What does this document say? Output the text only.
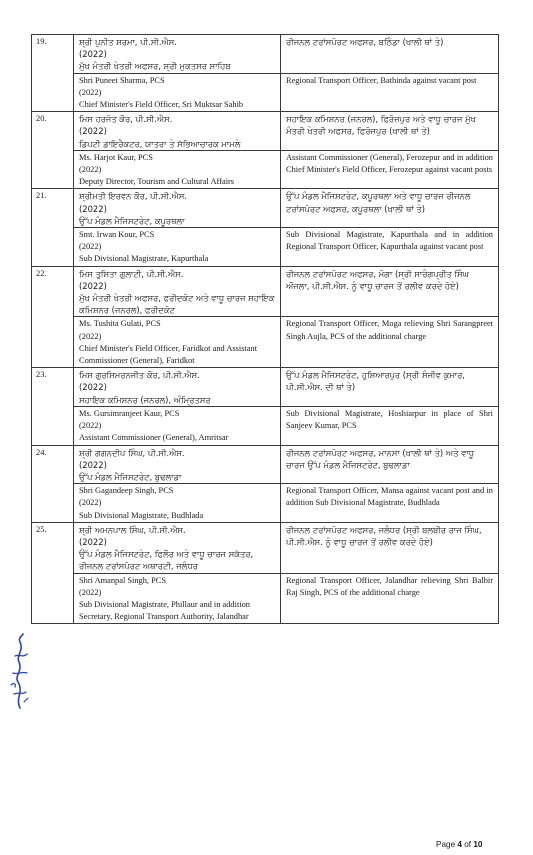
19.	ਸ਼੍ਰੀ ਪੁਨੀਤ ਸ਼ਰਮਾ, ਪੀ.ਸੀ.ਐਸ.
(2022)
ਮੁੱਖ ਮੰਤਰੀ ਖੇਤਰੀ ਅਫਸਰ, ਸ਼੍ਰੀ ਮੁਕਤਸਰ ਸਾਹਿਬ	ਰੀਜਨਲ ਟਰਾਂਸਪੋਰਟ ਅਫਸਰ, ਬਠਿੰਡਾ (ਖਾਲੀ ਥਾਂ ਤੇ)

	Shri Puneet Sharma, PCS
(2022)
Chief Minister's Field Officer, Sri Muktsar Sahib	Regional Transport Officer, Bathinda against vacant post
20.	ਮਿਸ ਹਰਜੋਤ ਕੌਰ, ਪੀ.ਸੀ.ਐਸ.
(2022)
ਡਿਪਟੀ ਡਾਇਰੈਕਟਰ, ਯਾਤਰਾ ਤੇ ਸੱਭਿਆਚਾਰਕ ਮਾਮਲੇ	ਸਹਾਇਕ ਕਮਿਸ਼ਨਰ (ਜਨਰਲ), ਫਿਰੋਜ਼ਪੁਰ ਅਤੇ ਵਾਧੂ ਚਾਰਜ ਮੁੱਖ ਮੰਤਰੀ ਖੇਤਰੀ ਅਫਸਰ, ਫਿਰੋਜ਼ਪੁਰ (ਖਾਲੀ ਥਾਂ ਤੇ)

	Ms. Harjot Kaur, PCS
(2022)
Deputy Director, Tourism and Cultural Affairs	Assistant Commissioner (General), Ferozepur and in addition Chief Minister's Field Officer, Ferozepur against vacant posts
21.	ਸ਼੍ਰੀਮਤੀ ਇਰਵਨ ਕੌਰ, ਪੀ.ਸੀ.ਐਸ.
(2022)
ਉੱਪ ਮੰਡਲ ਮੈਜਿਸਟਰੇਟ, ਕਪੂਰਥਲਾ	ਉੱਪ ਮੰਡਲ ਮੈਜਿਸਟਰੇਟ, ਕਪੂਰਥਲਾ ਅਤੇ ਵਾਧੂ ਚਾਰਜ ਰੀਜਨਲ ਟਰਾਂਸਪੋਰਟ ਅਫਸਰ, ਕਪੂਰਥਲਾ (ਖਾਲੀ ਥਾਂ ਤੇ)

	Smt. Irwan Kour, PCS
(2022)
Sub Divisional Magistrate, Kapurthala	Sub Divisional Magistrate, Kapurthala and in addition Regional Transport Officer, Kapurthala against vacant post
22.	ਮਿਸ ਤੁਸ਼ਿਤਾ ਗੁਲਾਟੀ, ਪੀ.ਸੀ.ਐਸ.
(2022)
ਮੁੱਖ ਮੰਤਰੀ ਖੇਤਰੀ ਅਫਸਰ, ਫਰੀਦਕੋਟ ਅਤੇ ਵਾਧੂ ਚਾਰਜ ਸਹਾਇਕ ਕਮਿਸ਼ਨਰ (ਜਨਰਲ), ਫਰੀਦਕੋਟ	ਰੀਜਨਲ ਟਰਾਂਸਪੋਰਟ ਅਫਸਰ, ਮੋਗਾ (ਸ੍ਰੀ ਸਾਰੰਗਪ੍ਰੀਤ ਸਿੰਘ ਔਜਲਾ, ਪੀ.ਸੀ.ਐਸ. ਨੂੰ ਵਾਧੂ ਚਾਰਜ ਤੋਂ ਰਲੀਵ ਕਰਦੇ ਹੋਏ)

	Ms. Tushita Gulati, PCS
(2022)
Chief Minister's Field Officer, Faridkot and Assistant Commissioner (General), Faridkot	Regional Transport Officer, Moga relieving Shri Sarangpreet Singh Aujla, PCS of the additional charge
23.	ਮਿਸ ਗੁਰਸਿਮਰਨਜੀਤ ਕੌਰ, ਪੀ.ਸੀ.ਐਸ.
(2022)
ਸਹਾਇਕ ਕਮਿਸ਼ਨਰ (ਜਨਰਲ), ਅੰਮ੍ਰਿਤਸਰ	ਉੱਪ ਮੰਡਲ ਮੈਜਿਸਟਰੇਟ, ਹੁਸ਼ਿਆਰਪੁਰ (ਸ੍ਰੀ ਸੰਜੀਵ ਕੁਮਾਰ, ਪੀ.ਸੀ.ਐਸ. ਦੀ ਥਾਂ ਤੇ)

	Ms. Gursimranjeet Kaur, PCS
(2022)
Assistant Commissioner (General), Amritsar	Sub Divisional Magistrate, Hoshiarpur in place of Shri Sanjeev Kumar, PCS
24.	ਸ਼੍ਰੀ ਗਗਨਦੀਪ ਸਿੰਘ, ਪੀ.ਸੀ.ਐਸ.
(2022)
ਉੱਪ ਮੰਡਲ ਮੈਜਿਸਟਰੇਟ, ਬੁਢਲਾਡਾ	ਰੀਜਨਲ ਟਰਾਂਸਪੋਰਟ ਅਫਸਰ, ਮਾਨਸਾ (ਖਾਲੀ ਥਾਂ ਤੇ) ਅਤੇ ਵਾਧੂ ਚਾਰਜ ਉੱਪ ਮੰਡਲ ਮੈਜਿਸਟਰੇਟ, ਬੁਢਲਾਡਾ

	Shri Gagandeep Singh, PCS
(2022)
Sub Divisional Magistrate, Budhlada	Regional Transport Officer, Mansa against vacant post and in addition Sub Divisional Magistrate, Budhlada
25.	ਸ਼੍ਰੀ ਅਮਨਪਾਲ ਸਿੰਘ, ਪੀ.ਸੀ.ਐਸ.
(2022)
ਉੱਪ ਮੰਡਲ ਮੈਜਿਸਟਰੇਟ, ਫਿਲੌਰ ਅਤੇ ਵਾਧੂ ਚਾਰਜ ਸਕੱਤਰ, ਰੀਜਨਲ ਟਰਾਂਸਪੋਰਟ ਅਥਾਰਟੀ, ਜਲੰਧਰ	ਰੀਜਨਲ ਟਰਾਂਸਪੋਰਟ ਅਫਸਰ, ਜਲੰਧਰ (ਸ੍ਰੀ ਬਲਬੀਰ ਰਾਜ ਸਿੰਘ, ਪੀ.ਸੀ.ਐਸ. ਨੂੰ ਵਾਧੂ ਚਾਰਜ ਤੋਂ ਰਲੀਵ ਕਰਦੇ ਹੋਏ)

	Shri Amanpal Singh, PCS
(2022)
Sub Divisional Magistrate, Phillaur and in addition Secretary, Regional Transport Authority, Jalandhar	Regional Transport Officer, Jalandhar relieving Shri Balbir Raj Singh, PCS of the additional charge
Page 4 of 10
